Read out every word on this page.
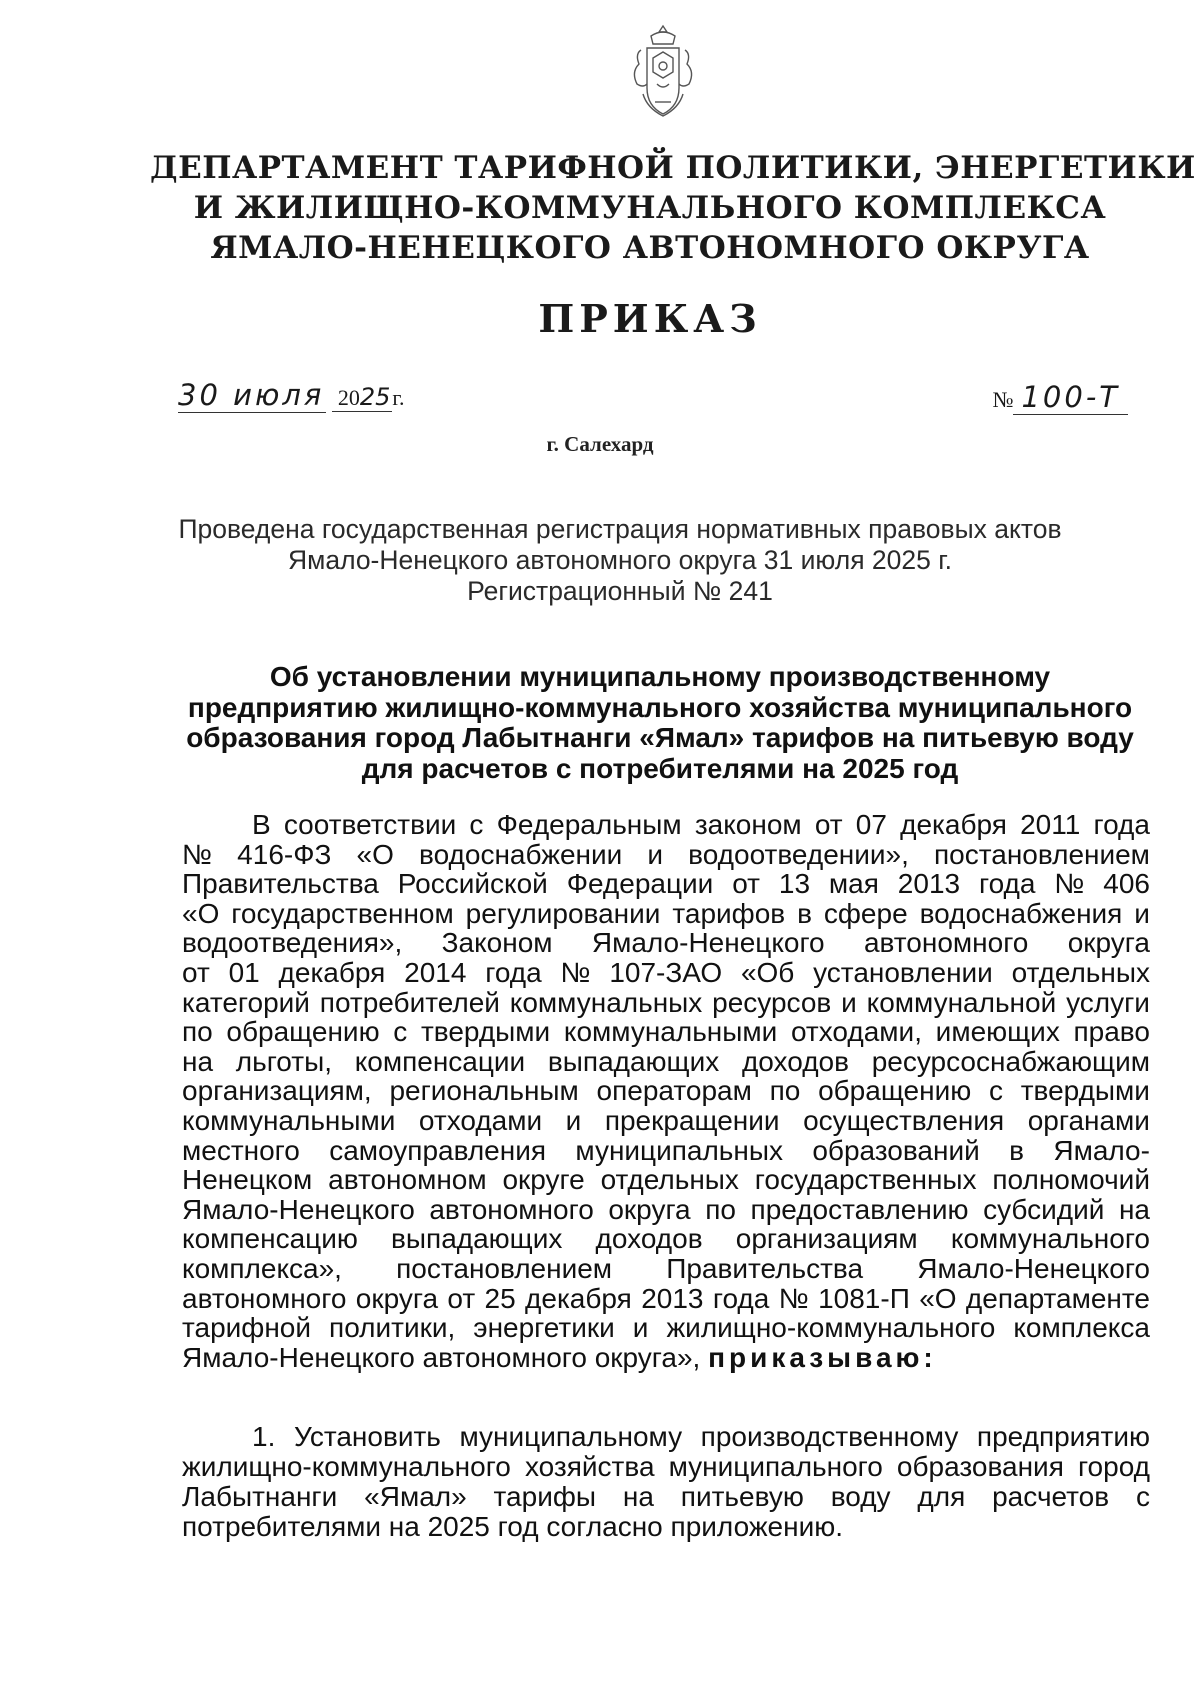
ДЕПАРТАМЕНТ ТАРИФНОЙ ПОЛИТИКИ, ЭНЕРГЕТИКИ
И ЖИЛИЩНО-КОММУНАЛЬНОГО КОМПЛЕКСА
ЯМАЛО-НЕНЕЦКОГО АВТОНОМНОГО ОКРУГА
ПРИКАЗ
30 июля 2025г.	№ 100-Т
г. Салехард
Проведена государственная регистрация нормативных правовых актов
Ямало-Ненецкого автономного округа 31 июля 2025 г.
Регистрационный № 241
Об установлении муниципальному производственному
предприятию жилищно-коммунального хозяйства муниципального
образования город Лабытнанги «Ямал» тарифов на питьевую воду
для расчетов с потребителями на 2025 год
В соответствии с Федеральным законом от 07 декабря 2011 года
№ 416-ФЗ «О водоснабжении и водоотведении», постановлением
Правительства Российской Федерации от 13 мая 2013 года № 406
«О государственном регулировании тарифов в сфере водоснабжения и
водоотведения», Законом Ямало-Ненецкого автономного округа
от 01 декабря 2014 года № 107-ЗАО «Об установлении отдельных
категорий потребителей коммунальных ресурсов и коммунальной услуги
по обращению с твердыми коммунальными отходами, имеющих право
на льготы, компенсации выпадающих доходов ресурсоснабжающим
организациям, региональным операторам по обращению с твердыми
коммунальными отходами и прекращении осуществления органами
местного самоуправления муниципальных образований в Ямало-
Ненецком автономном округе отдельных государственных полномочий
Ямало-Ненецкого автономного округа по предоставлению субсидий на
компенсацию выпадающих доходов организациям коммунального
комплекса», постановлением Правительства Ямало-Ненецкого
автономного округа от 25 декабря 2013 года № 1081-П «О департаменте
тарифной политики, энергетики и жилищно-коммунального комплекса
Ямало-Ненецкого автономного округа»,
приказываю:
1. Установить муниципальному производственному предприятию
жилищно-коммунального хозяйства муниципального образования город
Лабытнанги «Ямал» тарифы на питьевую воду для расчетов с
потребителями на 2025 год согласно приложению.
